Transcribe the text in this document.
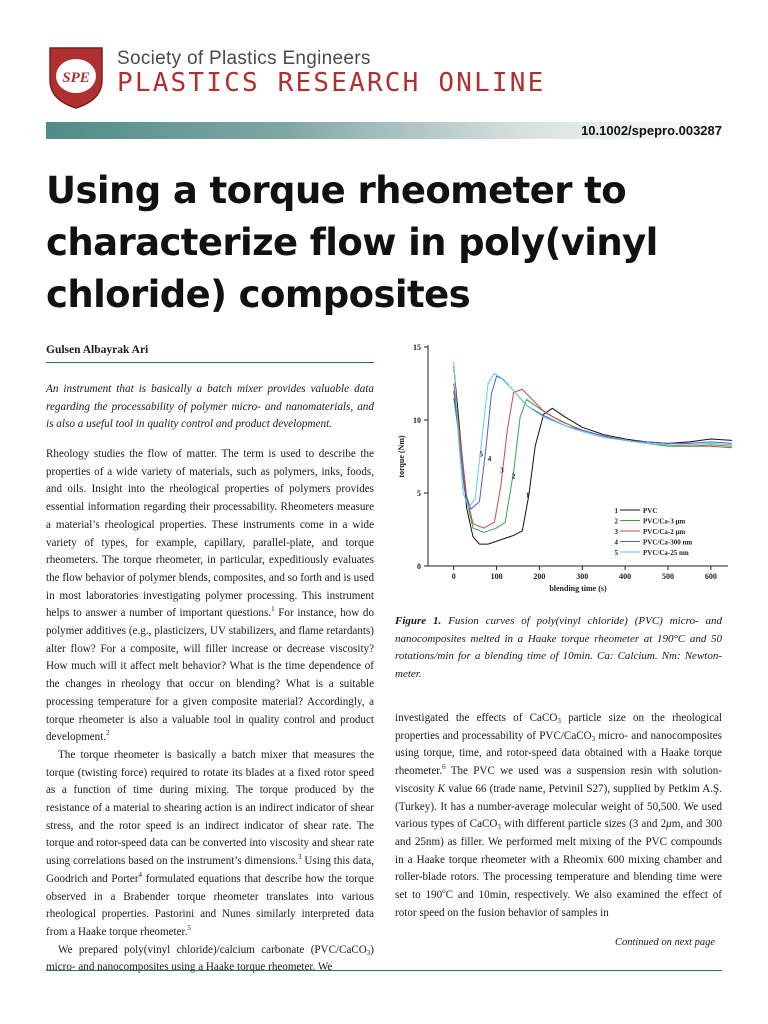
SPE
Society of Plastics Engineers
PLASTICS RESEARCH ONLINE
10.1002/spepro.003287
Using a torque rheometer to characterize flow in poly(vinyl chloride) composites
Gulsen Albayrak Ari
An instrument that is basically a batch mixer provides valuable data regarding the processability of polymer micro- and nanomaterials, and is also a useful tool in quality control and product development.

Rheology studies the flow of matter. The term is used to describe the properties of a wide variety of materials, such as polymers, inks, foods, and oils. Insight into the rheological properties of polymers provides essential information regarding their processability. Rheometers measure a material’s rheological properties. These instruments come in a wide variety of types, for example, capillary, parallel-plate, and torque rheometers. The torque rheometer, in particular, expeditiously evaluates the flow behavior of polymer blends, composites, and so forth and is used in most laboratories investigating polymer processing. This instrument helps to answer a number of important questions.$^1$ For instance, how do polymer additives (e.g., plasticizers, UV stabilizers, and flame retardants) alter flow? For a composite, will filler increase or decrease viscosity? How much will it affect melt behavior? What is the time dependence of the changes in rheology that occur on blending? What is a suitable processing temperature for a given composite material? Accordingly, a torque rheometer is also a valuable tool in quality control and product development.$^2$

The torque rheometer is basically a batch mixer that measures the torque (twisting force) required to rotate its blades at a fixed rotor speed as a function of time during mixing. The torque produced by the resistance of a material to shearing action is an indirect indicator of shear stress, and the rotor speed is an indirect indicator of shear rate. The torque and rotor-speed data can be converted into viscosity and shear rate using correlations based on the instrument’s dimensions.$^3$ Using this data, Goodrich and Porter$^4$ formulated equations that describe how the torque observed in a Brabender torque rheometer translates into various rheological properties. Pastorini and Nunes similarly interpreted data from a Haake torque rheometer.$^5$

We prepared poly(vinyl chloride)/calcium carbonate (PVC/CaCO$_3$) micro- and nanocomposites using a Haake torque rheometer. We

0
5
10
15
0	100	200	300	400	500	600
blending time (s)
torque (Nm)
1
2
3
4
5
1	PVC
2	PVC/Ca-3 μm
3	PVC/Ca-2 μm
4	PVC/Ca-300 nm
5	PVC/Ca-25 nm
Figure 1. Fusion curves of poly(vinyl chloride) (PVC) micro- and nanocomposites melted in a Haake torque rheometer at 190°C and 50 rotations/min for a blending time of 10min. Ca: Calcium. Nm: Newton-meter.

investigated the effects of CaCO$_3$ particle size on the rheological properties and processability of PVC/CaCO$_3$ micro- and nanocomposites using torque, time, and rotor-speed data obtained with a Haake torque rheometer.$^6$ The PVC we used was a suspension resin with solution-viscosity K value 66 (trade name, Petvinil S27), supplied by Petkim A.Ş. (Turkey). It has a number-average molecular weight of 50,500. We used various types of CaCO$_3$ with different particle sizes (3 and 2μm, and 300 and 25nm) as filler. We performed melt mixing of the PVC compounds in a Haake torque rheometer with a Rheomix 600 mixing chamber and roller-blade rotors. The processing temperature and blending time were set to 190$^o$C and 10min, respectively. We also examined the effect of rotor speed on the fusion behavior of samples in

Continued on next page
